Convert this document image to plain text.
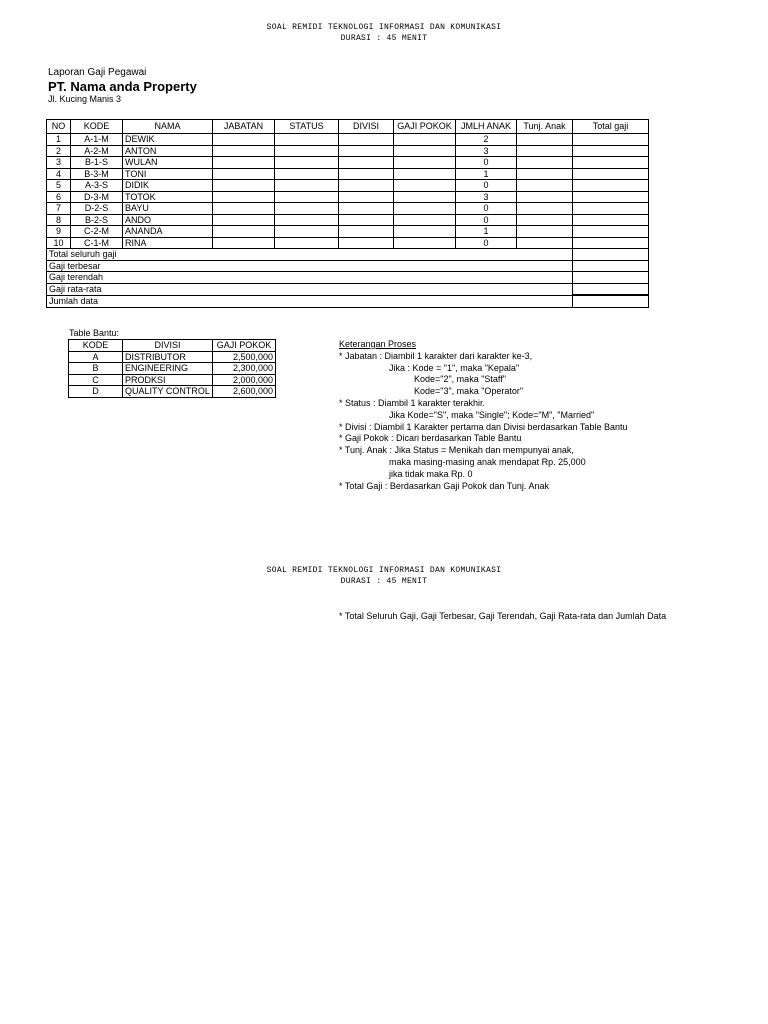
SOAL REMIDI TEKNOLOGI INFORMASI DAN KOMUNIKASI
DURASI : 45 MENIT
Laporan Gaji Pegawai
PT. Nama anda Property
Jl. Kucing Manis 3
NO	KODE	NAMA	JABATAN	STATUS	DIVISI	GAJI POKOK	JMLH ANAK	Tunj. Anak	Total gaji
1	A-1-M	DEWIK					2		
2	A-2-M	ANTON					3		
3	B-1-S	WULAN					0		
4	B-3-M	TONI					1		
5	A-3-S	DIDIK					0		
6	D-3-M	TOTOK					3		
7	D-2-S	BAYU					0		
8	B-2-S	ANDO					0		
9	C-2-M	ANANDA					1		
10	C-1-M	RINA					0		
Total seluruh gaji									
Gaji terbesar									
Gaji terendah									
Gaji rata-rata									
Jumlah data									
Table Bantu:
KODE	DIVISI	GAJI POKOK
A	DISTRIBUTOR	2,500,000
B	ENGINEERING	2,300,000
C	PRODKSI	2,000,000
D	QUALITY CONTROL	2,600,000
Keterangan Proses
* Jabatan : Diambil 1 karakter dari karakter ke-3,
Jika : Kode = "1", maka "Kepala"
Kode="2", maka "Staff"
Kode="3", maka "Operator"
* Status : Diambil 1 karakter terakhir.
Jika Kode="S", maka "Single"; Kode="M", "Married"
* Divisi : Diambil 1 Karakter pertama dan Divisi berdasarkan Table Bantu
* Gaji Pokok : Dicari berdasarkan Table Bantu
* Tunj. Anak : Jika Status = Menikah dan mempunyai anak,
maka masing-masing anak mendapat Rp. 25,000
jika tidak maka Rp. 0
* Total Gaji : Berdasarkan Gaji Pokok dan Tunj. Anak
SOAL REMIDI TEKNOLOGI INFORMASI DAN KOMUNIKASI
DURASI : 45 MENIT
* Total Seluruh Gaji, Gaji Terbesar, Gaji Terendah, Gaji Rata-rata dan Jumlah Data
